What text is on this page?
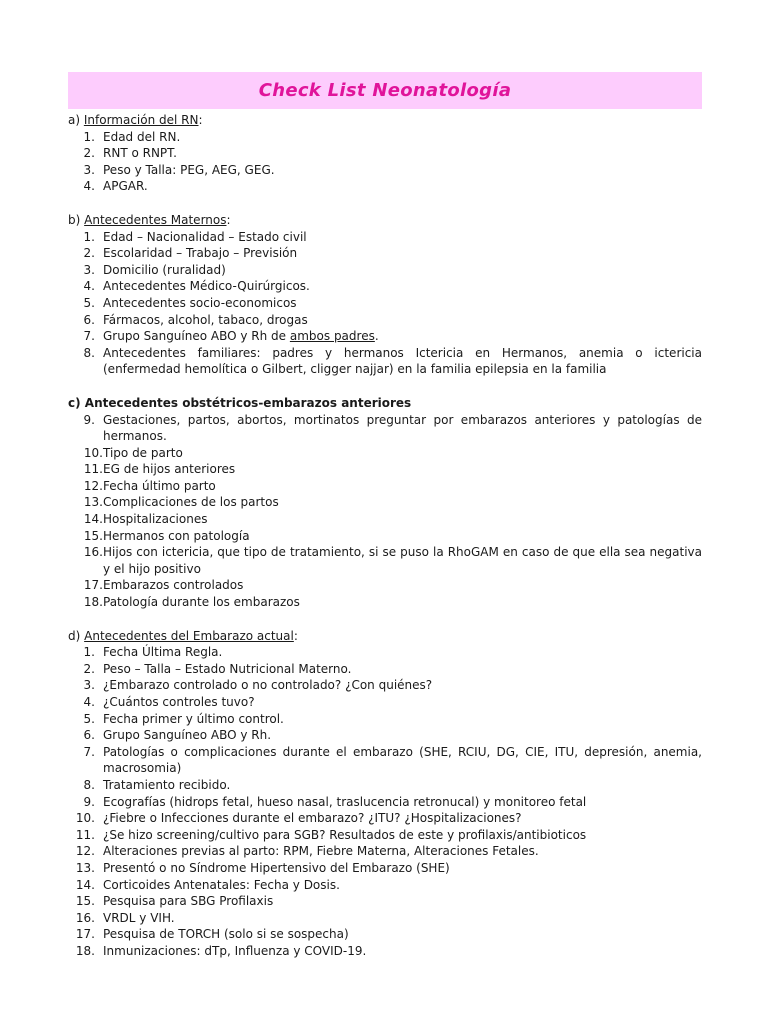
Check List Neonatología
a) Información del RN:
1. Edad del RN.
2. RNT o RNPT.
3. Peso y Talla: PEG, AEG, GEG.
4. APGAR.
b) Antecedentes Maternos:
1. Edad – Nacionalidad – Estado civil
2. Escolaridad – Trabajo – Previsión
3. Domicilio (ruralidad)
4. Antecedentes Médico-Quirúrgicos.
5. Antecedentes socio-economicos
6. Fármacos, alcohol, tabaco, drogas
7. Grupo Sanguíneo ABO y Rh de ambos padres.
8. Antecedentes familiares: padres y hermanos Ictericia en Hermanos, anemia o ictericia (enfermedad hemolítica o Gilbert, cligger najjar) en la familia epilepsia en la familia
c) Antecedentes obstétricos-embarazos anteriores
9. Gestaciones, partos, abortos, mortinatos preguntar por embarazos anteriores y patologías de hermanos.
10. Tipo de parto
11. EG de hijos anteriores
12. Fecha último parto
13. Complicaciones de los partos
14. Hospitalizaciones
15. Hermanos con patología
16. Hijos con ictericia, que tipo de tratamiento, si se puso la RhoGAM en caso de que ella sea negativa y el hijo positivo
17. Embarazos controlados
18. Patología durante los embarazos
d) Antecedentes del Embarazo actual:
1. Fecha Última Regla.
2. Peso – Talla – Estado Nutricional Materno.
3. ¿Embarazo controlado o no controlado? ¿Con quiénes?
4. ¿Cuántos controles tuvo?
5. Fecha primer y último control.
6. Grupo Sanguíneo ABO y Rh.
7. Patologías o complicaciones durante el embarazo (SHE, RCIU, DG, CIE, ITU, depresión, anemia, macrosomia)
8. Tratamiento recibido.
9. Ecografías (hidrops fetal, hueso nasal, traslucencia retronucal) y monitoreo fetal
10. ¿Fiebre o Infecciones durante el embarazo? ¿ITU? ¿Hospitalizaciones?
11. ¿Se hizo screening/cultivo para SGB? Resultados de este y profilaxis/antibioticos
12. Alteraciones previas al parto: RPM, Fiebre Materna, Alteraciones Fetales.
13. Presentó o no Síndrome Hipertensivo del Embarazo (SHE)
14. Corticoides Antenatales: Fecha y Dosis.
15. Pesquisa para SBG Profilaxis
16. VRDL y VIH.
17. Pesquisa de TORCH (solo si se sospecha)
18. Inmunizaciones: dTp, Influenza y COVID-19.
